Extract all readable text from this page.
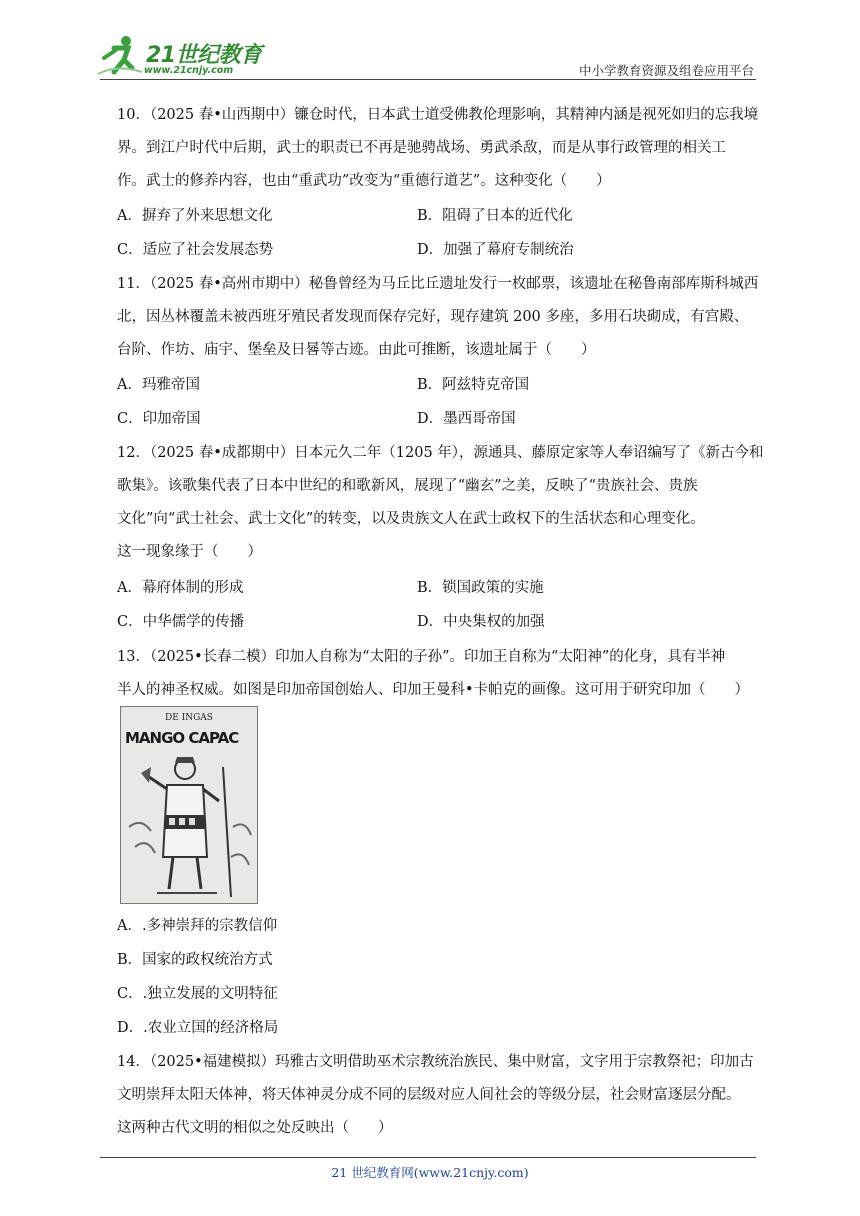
21世纪教育
www.21cnjy.com	中小学教育资源及组卷应用平台
10．（2025 春•山西期中）镰仓时代，日本武士道受佛教伦理影响，其精神内涵是视死如归的忘我境
界。到江户时代中后期，武士的职责已不再是驰骋战场、勇武杀敌，而是从事行政管理的相关工
作。武士的修养内容，也由“重武功”改变为“重德行道艺”。这种变化（　　）
A．摒弃了外来思想文化	B．阻碍了日本的近代化
C．适应了社会发展态势	D．加强了幕府专制统治
11．（2025 春•高州市期中）秘鲁曾经为马丘比丘遗址发行一枚邮票，该遗址在秘鲁南部库斯科城西
北，因丛林覆盖未被西班牙殖民者发现而保存完好，现存建筑 200 多座，多用石块砌成，有宫殿、
台阶、作坊、庙宇、堡垒及日晷等古迹。由此可推断，该遗址属于（　　）
A．玛雅帝国	B．阿兹特克帝国
C．印加帝国	D．墨西哥帝国
12．（2025 春•成都期中）日本元久二年（1205 年），源通具、藤原定家等人奉诏编写了《新古今和
歌集》。该歌集代表了日本中世纪的和歌新风，展现了“幽玄”之美，反映了“贵族社会、贵族
文化”向“武士社会、武士文化”的转变，以及贵族文人在武士政权下的生活状态和心理变化。
这一现象缘于（　　）
A．幕府体制的形成	B．锁国政策的实施
C．中华儒学的传播	D．中央集权的加强
13．（2025•长春二模）印加人自称为“太阳的子孙”。印加王自称为“太阳神”的化身，具有半神
半人的神圣权威。如图是印加帝国创始人、印加王曼科•卡帕克的画像。这可用于研究印加（　　）
DE INGAS
MANGO CAPAC
A．.多神崇拜的宗教信仰
B．国家的政权统治方式
C．.独立发展的文明特征
D．.农业立国的经济格局
14．（2025•福建模拟）玛雅古文明借助巫术宗教统治族民、集中财富，文字用于宗教祭祀；印加古
文明崇拜太阳天体神，将天体神灵分成不同的层级对应人间社会的等级分层，社会财富逐层分配。
这两种古代文明的相似之处反映出（　　）
21 世纪教育网(www.21cnjy.com)
